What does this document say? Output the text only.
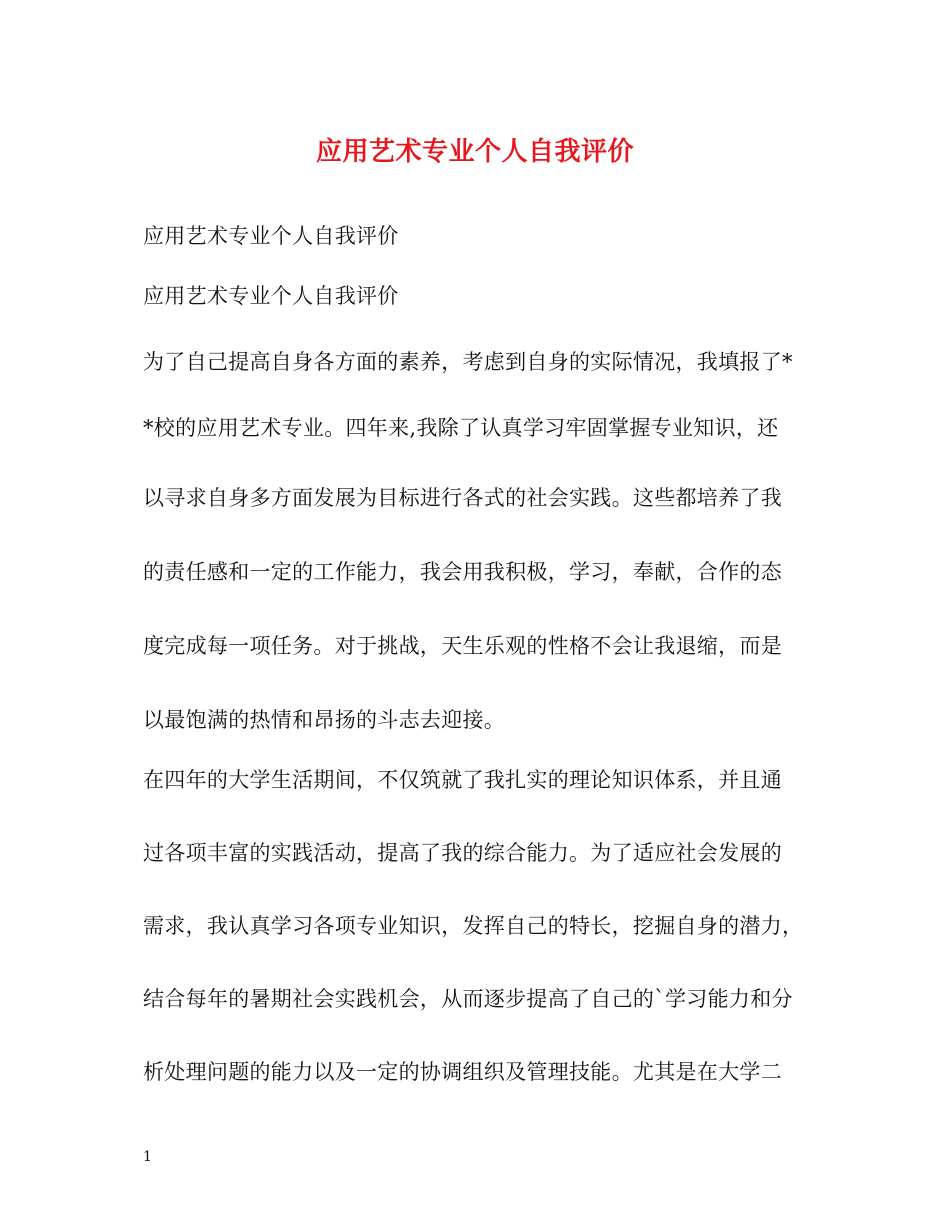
应用艺术专业个人自我评价
应用艺术专业个人自我评价
应用艺术专业个人自我评价
为了自己提高自身各方面的素养，考虑到自身的实际情况，我填报了*
*校的应用艺术专业。四年来,我除了认真学习牢固掌握专业知识，还
以寻求自身多方面发展为目标进行各式的社会实践。这些都培养了我
的责任感和一定的工作能力，我会用我积极，学习，奉献，合作的态
度完成每一项任务。对于挑战，天生乐观的性格不会让我退缩，而是
以最饱满的热情和昂扬的斗志去迎接。
在四年的大学生活期间，不仅筑就了我扎实的理论知识体系，并且通
过各项丰富的实践活动，提高了我的综合能力。为了适应社会发展的
需求，我认真学习各项专业知识，发挥自己的特长，挖掘自身的潜力，
结合每年的暑期社会实践机会，从而逐步提高了自己的`学习能力和分
析处理问题的能力以及一定的协调组织及管理技能。尤其是在大学二
1
